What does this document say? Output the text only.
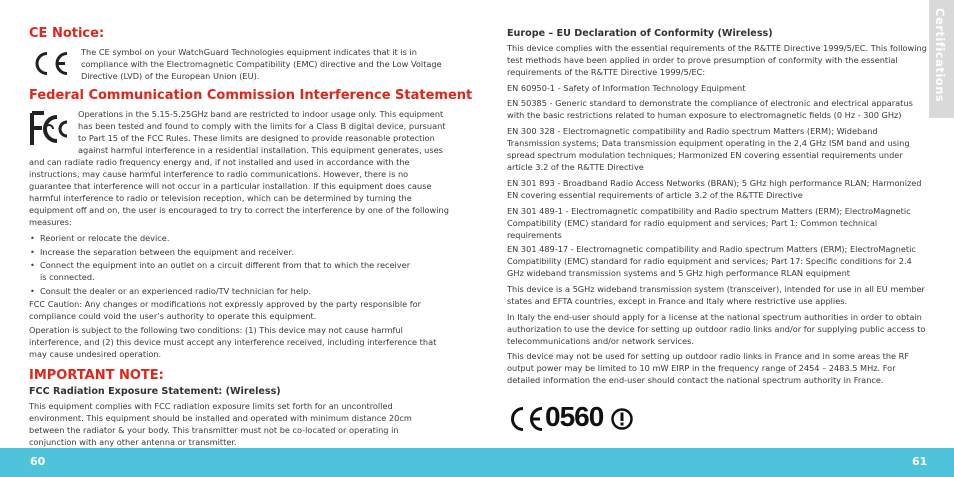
CE Notice:

The CE symbol on your WatchGuard Technologies equipment indicates that it is in compliance with the Electromagnetic Compatibility (EMC) directive and the Low Voltage Directive (LVD) of the European Union (EU).

Federal Communication Commission Interference Statement
Operations in the 5.15-5.25GHz band are restricted to indoor usage only. This equipment has been tested and found to comply with the limits for a Class B digital device, pursuant to Part 15 of the FCC Rules. These limits are designed to provide reasonable protection against harmful interference in a residential installation. This equipment generates, uses and can radiate radio frequency energy and, if not installed and used in accordance with the instructions, may cause harmful interference to radio communications. However, there is no guarantee that interference will not occur in a particular installation. If this equipment does cause harmful interference to radio or television reception, which can be determined by turning the equipment off and on, the user is encouraged to try to correct the interference by one of the following measures:
• Reorient or relocate the device.
• Increase the separation between the equipment and receiver.
• Connect the equipment into an outlet on a circuit different from that to which the receiver is connected.
• Consult the dealer or an experienced radio/TV technician for help.

FCC Caution: Any changes or modifications not expressly approved by the party responsible for compliance could void the user’s authority to operate this equipment.

Operation is subject to the following two conditions: (1) This device may not cause harmful interference, and (2) this device must accept any interference received, including interference that may cause undesired operation.

IMPORTANT NOTE:
FCC Radiation Exposure Statement: (Wireless)

This equipment complies with FCC radiation exposure limits set forth for an uncontrolled environment. This equipment should be installed and operated with minimum distance 20cm between the radiator & your body. This transmitter must not be co-located or operating in conjunction with any other antenna or transmitter.

Europe – EU Declaration of Conformity (Wireless)

This device complies with the essential requirements of the R&TTE Directive 1999/5/EC. This following test methods have been applied in order to prove presumption of conformity with the essential requirements of the R&TTE Directive 1999/5/EC:

EN 60950-1 - Safety of Information Technology Equipment

EN 50385 - Generic standard to demonstrate the compliance of electronic and electrical apparatus with the basic restrictions related to human exposure to electromagnetic fields (0 Hz - 300 GHz)

EN 300 328 - Electromagnetic compatibility and Radio spectrum Matters (ERM); Wideband Transmission systems; Data transmission equipment operating in the 2,4 GHz ISM band and using spread spectrum modulation techniques; Harmonized EN covering essential requirements under article 3.2 of the R&TTE Directive

EN 301 893 - Broadband Radio Access Networks (BRAN); 5 GHz high performance RLAN; Harmonized EN covering essential requirements of article 3.2 of the R&TTE Directive

EN 301 489-1 - Electromagnetic compatibility and Radio spectrum Matters (ERM); ElectroMagnetic Compatibility (EMC) standard for radio equipment and services; Part 1: Common technical requirements

EN 301 489-17 - Electromagnetic compatibility and Radio spectrum Matters (ERM); ElectroMagnetic Compatibility (EMC) standard for radio equipment and services; Part 17: Specific conditions for 2.4 GHz wideband transmission systems and 5 GHz high performance RLAN equipment

This device is a 5GHz wideband transmission system (transceiver), intended for use in all EU member states and EFTA countries, except in France and Italy where restrictive use applies.

In Italy the end-user should apply for a license at the national spectrum authorities in order to obtain authorization to use the device for setting up outdoor radio links and/or for supplying public access to telecommunications and/or network services.

This device may not be used for setting up outdoor radio links in France and in some areas the RF output power may be limited to 10 mW EIRP in the frequency range of 2454 – 2483.5 MHz. For detailed information the end-user should contact the national spectrum authority in France.

0560
Certifications
60	61
